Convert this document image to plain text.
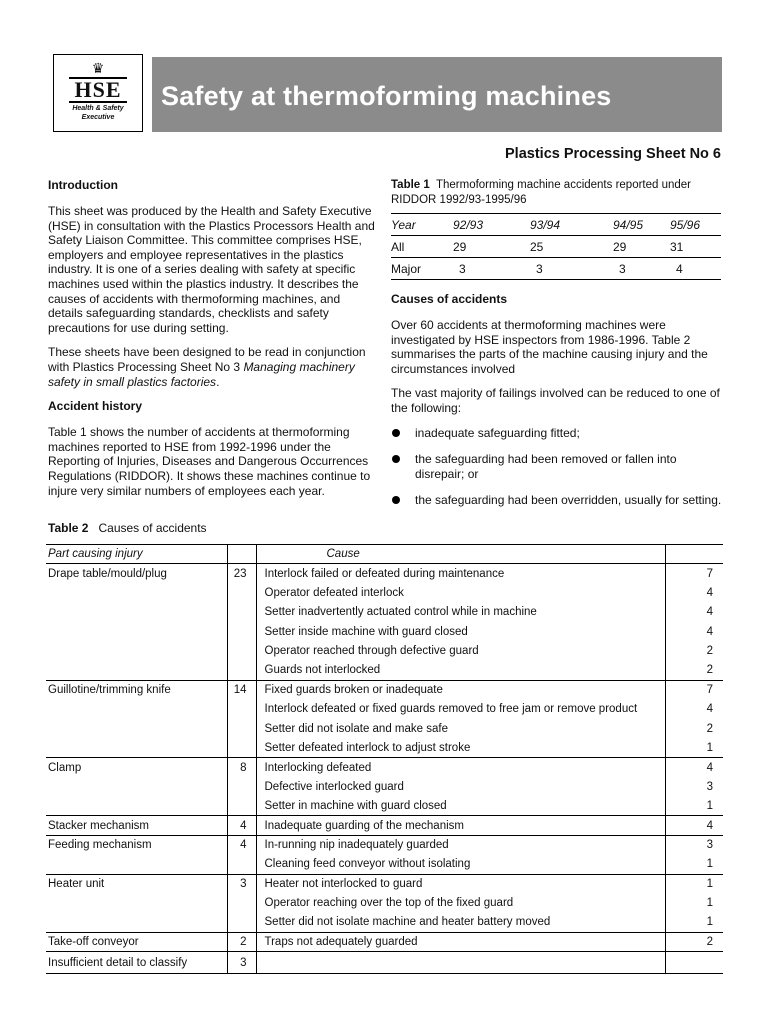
♛
HSE
Health & Safety
Executive
Safety at thermoforming machines
Plastics Processing Sheet No 6
Introduction

This sheet was produced by the Health and Safety Executive (HSE) in consultation with the Plastics Processors Health and Safety Liaison Committee. This committee comprises HSE, employers and employee representatives in the plastics industry. It is one of a series dealing with safety at specific machines used within the plastics industry. It describes the causes of accidents with thermoforming machines, and details safeguarding standards, checklists and safety precautions for use during setting.

These sheets have been designed to be read in conjunction with Plastics Processing Sheet No 3 Managing machinery safety in small plastics factories.

Accident history

Table 1 shows the number of accidents at thermoforming machines reported to HSE from 1992-1996 under the Reporting of Injuries, Diseases and Dangerous Occurrences Regulations (RIDDOR). It shows these machines continue to injure very similar numbers of employees each year.

Table 1 Thermoforming machine accidents reported under RIDDOR 1992/93-1995/96
Year	92/93	93/94	94/95	95/96
All	29	25	29	31
Major	3	3	3	4
Causes of accidents

Over 60 accidents at thermoforming machines were investigated by HSE inspectors from 1986-1996. Table 2 summarises the parts of the machine causing injury and the circumstances involved

The vast majority of failings involved can be reduced to one of the following:

inadequate safeguarding fitted;
the safeguarding had been removed or fallen into disrepair; or
the safeguarding had been overridden, usually for setting.
Table 2 Causes of accidents
Part causing injury		Cause	
Drape table/mould/plug	23	Interlock failed or defeated during maintenance	7
		Operator defeated interlock	4
		Setter inadvertently actuated control while in machine	4
		Setter inside machine with guard closed	4
		Operator reached through defective guard	2
		Guards not interlocked	2
Guillotine/trimming knife	14	Fixed guards broken or inadequate	7
		Interlock defeated or fixed guards removed to free jam or remove product	4
		Setter did not isolate and make safe	2
		Setter defeated interlock to adjust stroke	1
Clamp	8	Interlocking defeated	4
		Defective interlocked guard	3
		Setter in machine with guard closed	1
Stacker mechanism	4	Inadequate guarding of the mechanism	4
Feeding mechanism	4	In-running nip inadequately guarded	3
		Cleaning feed conveyor without isolating	1
Heater unit	3	Heater not interlocked to guard	1
		Operator reaching over the top of the fixed guard	1
		Setter did not isolate machine and heater battery moved	1
Take-off conveyor	2	Traps not adequately guarded	2
Insufficient detail to classify	3		
